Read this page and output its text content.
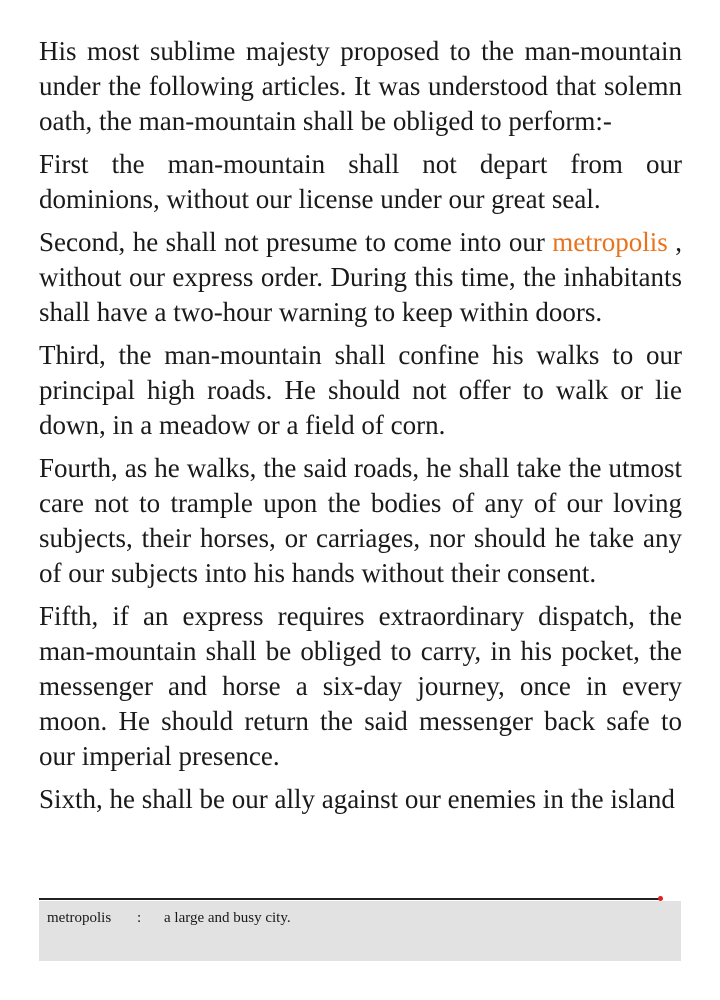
His most sublime majesty proposed to the man-mountain under the following articles. It was understood that solemn oath, the man-mountain shall be obliged to perform:-

First the man-mountain shall not depart from our dominions, without our license under our great seal.

Second, he shall not presume to come into our metropolis , without our express order. During this time, the inhabitants shall have a two-hour warning to keep within doors.

Third, the man-mountain shall confine his walks to our principal high roads. He should not offer to walk or lie down, in a meadow or a field of corn.

Fourth, as he walks, the said roads, he shall take the utmost care not to trample upon the bodies of any of our loving subjects, their horses, or carriages, nor should he take any of our subjects into his hands without their consent.

Fifth, if an express requires extraordinary dispatch, the man-mountain shall be obliged to carry, in his pocket, the messenger and horse a six-day journey, once in every moon. He should return the said messenger back safe to our imperial presence.

Sixth, he shall be our ally against our enemies in the island

metropolis : a large and busy city.
